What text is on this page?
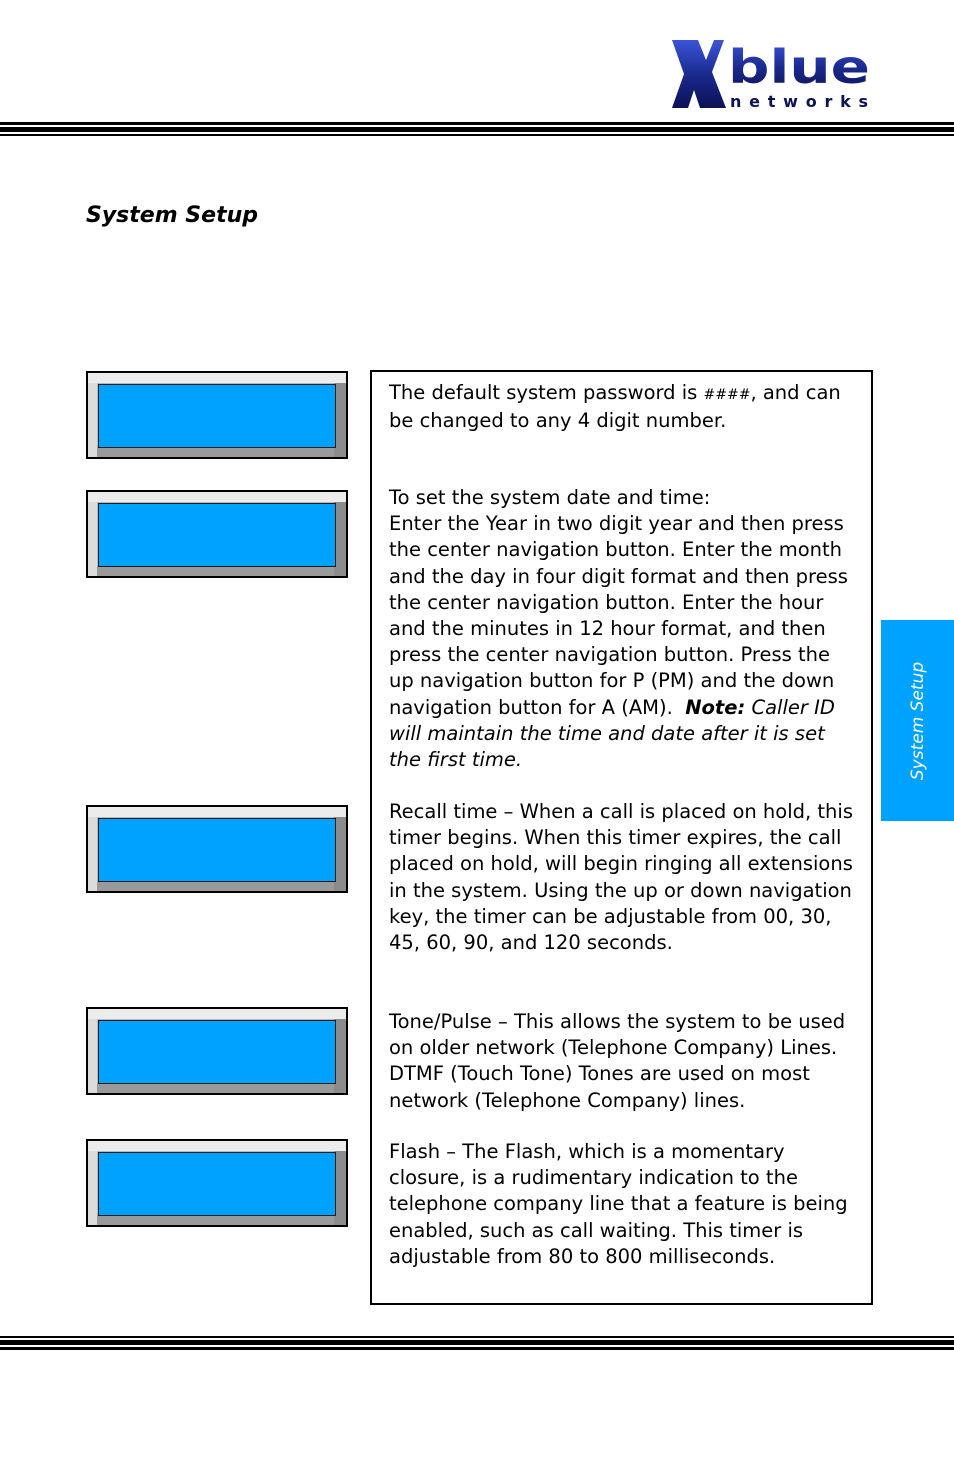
blue
networks
System Setup

The default system password is ####, and can be changed to any 4 digit number.

To set the system date and time:

Enter the Year in two digit year and then press the center navigation button. Enter the month and the day in four digit format and then press the center navigation button. Enter the hour and the minutes in 12 hour format, and then press the center navigation button. Press the up navigation button for P (PM) and the down navigation button for A (AM). Note: Caller ID will maintain the time and date after it is set the first time.

Recall time – When a call is placed on hold, this timer begins. When this timer expires, the call placed on hold, will begin ringing all extensions in the system. Using the up or down navigation key, the timer can be adjustable from 00, 30, 45, 60, 90, and 120 seconds.

Tone/Pulse – This allows the system to be used on older network (Telephone Company) Lines. DTMF (Touch Tone) Tones are used on most network (Telephone Company) lines.

Flash – The Flash, which is a momentary closure, is a rudimentary indication to the telephone company line that a feature is being enabled, such as call waiting. This timer is adjustable from 80 to 800 milliseconds.

System Setup
